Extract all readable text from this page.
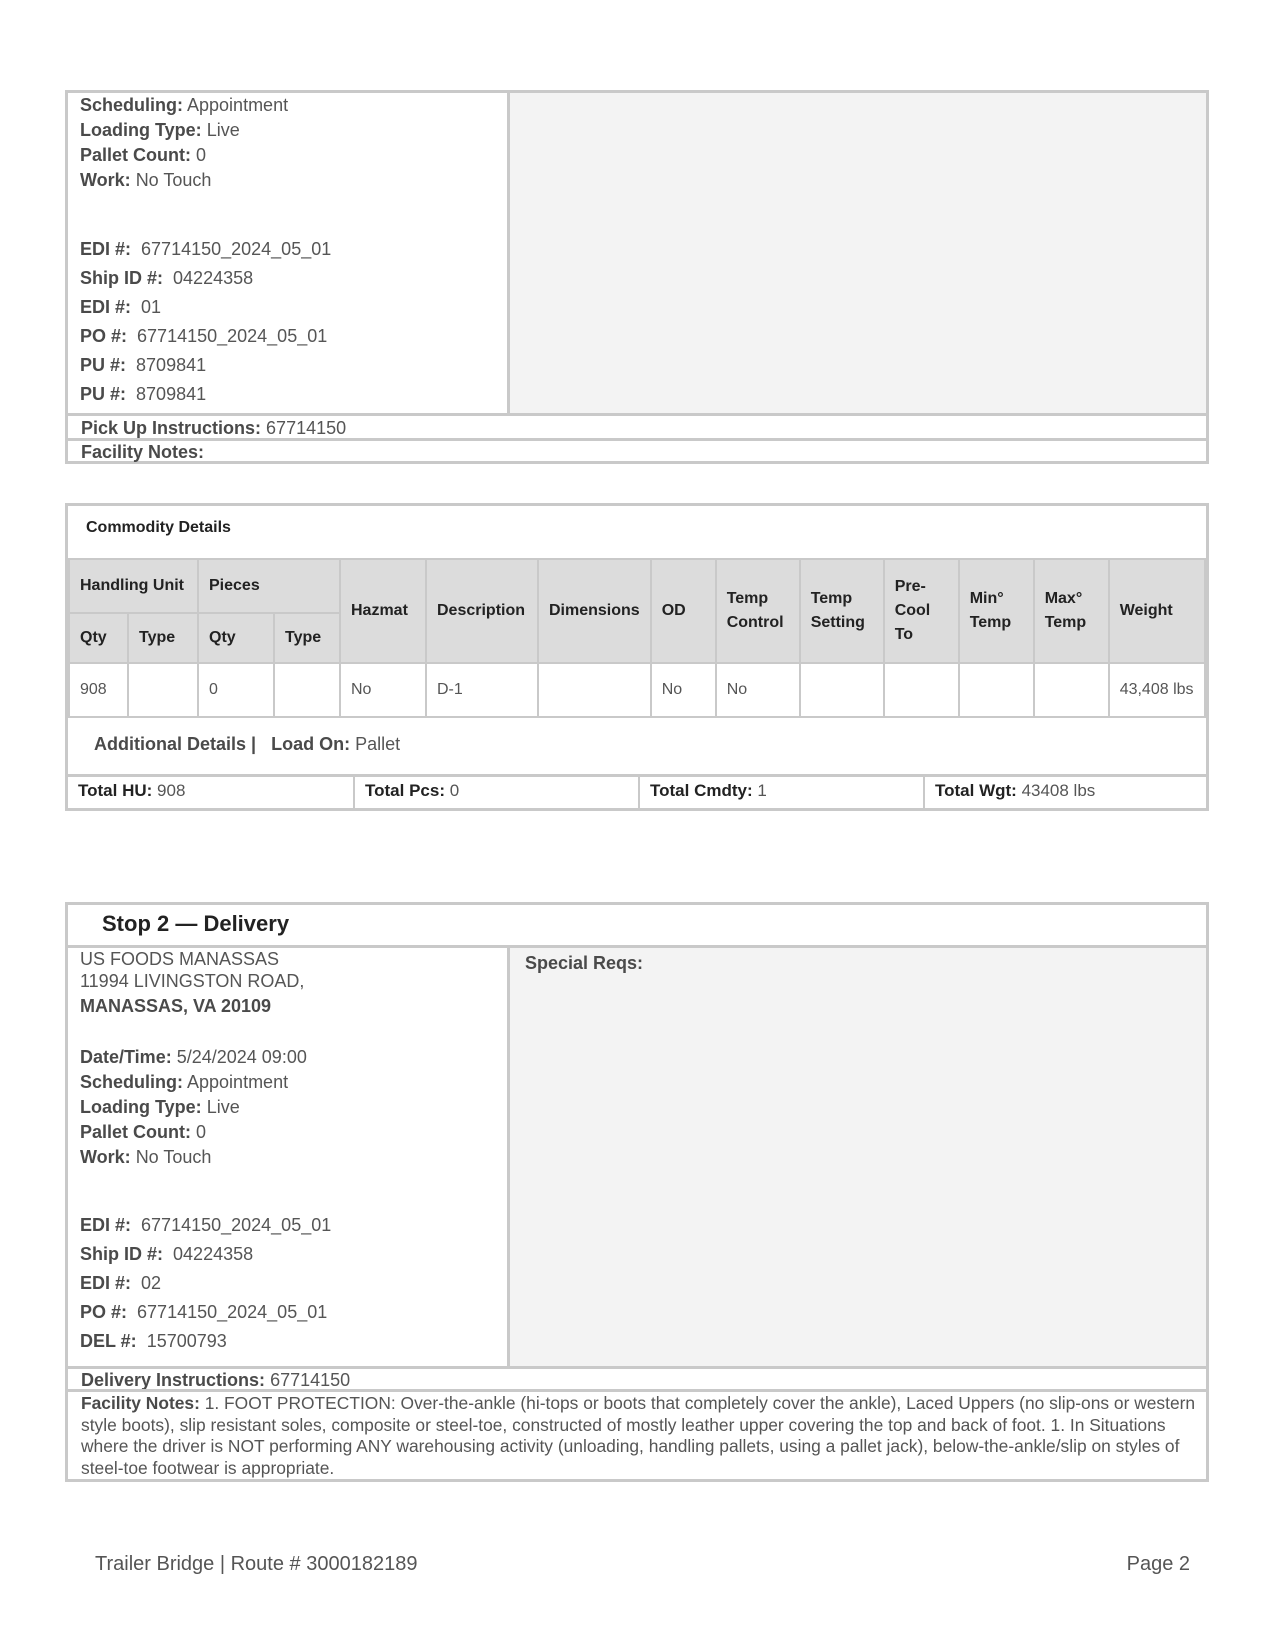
Scheduling: Appointment
Loading Type: Live
Pallet Count: 0
Work: No Touch
EDI #: 67714150_2024_05_01
Ship ID #: 04224358
EDI #: 01
PO #: 67714150_2024_05_01
PU #: 8709841
PU #: 8709841
Pick Up Instructions: 67714150
Facility Notes:
Commodity Details
Handling Unit		Pieces		Hazmat	Description	Dimensions	OD	Temp Control	Temp Setting	Pre-Cool To	Min° Temp	Max° Temp	Weight
Qty	Type	Qty	Type										
908		0		No	D-1		No	No					43,408 lbs
Additional Details | Load On: Pallet
Total HU: 908	Total Pcs: 0	Total Cmdty: 1	Total Wgt: 43408 lbs
Stop 2 — Delivery
Special Reqs:
US FOODS MANASSAS
11994 LIVINGSTON ROAD,
MANASSAS, VA 20109
Date/Time: 5/24/2024 09:00
Scheduling: Appointment
Loading Type: Live
Pallet Count: 0
Work: No Touch
EDI #: 67714150_2024_05_01
Ship ID #: 04224358
EDI #: 02
PO #: 67714150_2024_05_01
DEL #: 15700793
Delivery Instructions: 67714150
Facility Notes: 1. FOOT PROTECTION: Over-the-ankle (hi-tops or boots that completely cover the ankle), Laced Uppers (no slip-ons or western style boots), slip resistant soles, composite or steel-toe, constructed of mostly leather upper covering the top and back of foot. 1. In Situations where the driver is NOT performing ANY warehousing activity (unloading, handling pallets, using a pallet jack), below-the-ankle/slip on styles of steel-toe footwear is appropriate.
Trailer Bridge | Route # 3000182189	Page 2
